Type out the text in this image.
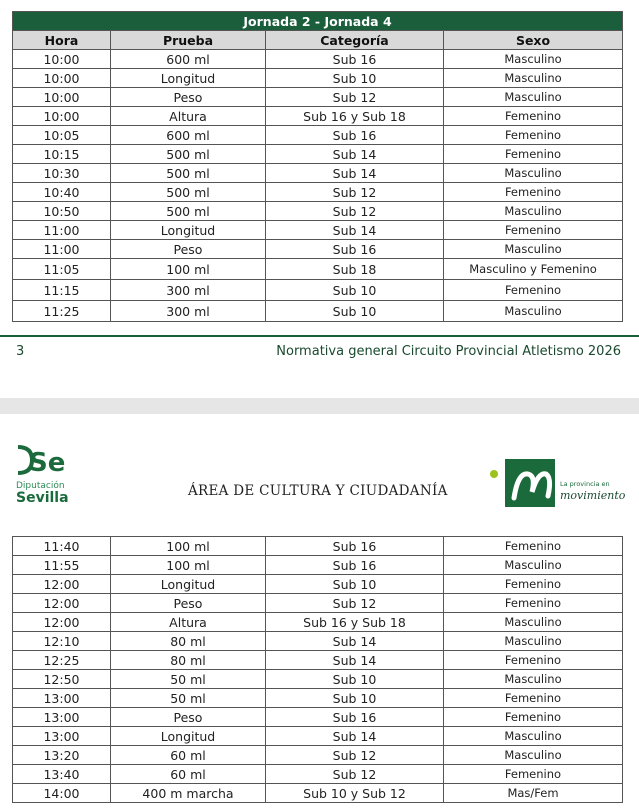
Jornada 2 - Jornada 4			
Hora	Prueba	Categoría	Sexo
10:00	600 ml	Sub 16	Masculino
10:00	Longitud	Sub 10	Masculino
10:00	Peso	Sub 12	Masculino
10:00	Altura	Sub 16 y Sub 18	Femenino
10:05	600 ml	Sub 16	Femenino
10:15	500 ml	Sub 14	Femenino
10:30	500 ml	Sub 14	Masculino
10:40	500 ml	Sub 12	Femenino
10:50	500 ml	Sub 12	Masculino
11:00	Longitud	Sub 14	Femenino
11:00	Peso	Sub 16	Masculino
11:05	100 ml	Sub 18	Masculino y Femenino
11:15	300 ml	Sub 10	Femenino
11:25	300 ml	Sub 10	Masculino
3	Normativa general Circuito Provincial Atletismo 2026
Se
Diputación
Sevilla	ÁREA DE CULTURA Y CIUDADANÍA	La provincia en
movimiento
11:40	100 ml	Sub 16	Femenino
11:55	100 ml	Sub 16	Masculino
12:00	Longitud	Sub 10	Femenino
12:00	Peso	Sub 12	Femenino
12:00	Altura	Sub 16 y Sub 18	Masculino
12:10	80 ml	Sub 14	Masculino
12:25	80 ml	Sub 14	Femenino
12:50	50 ml	Sub 10	Masculino
13:00	50 ml	Sub 10	Femenino
13:00	Peso	Sub 16	Femenino
13:00	Longitud	Sub 14	Masculino
13:20	60 ml	Sub 12	Masculino
13:40	60 ml	Sub 12	Femenino
14:00	400 m marcha	Sub 10 y Sub 12	Mas/Fem
